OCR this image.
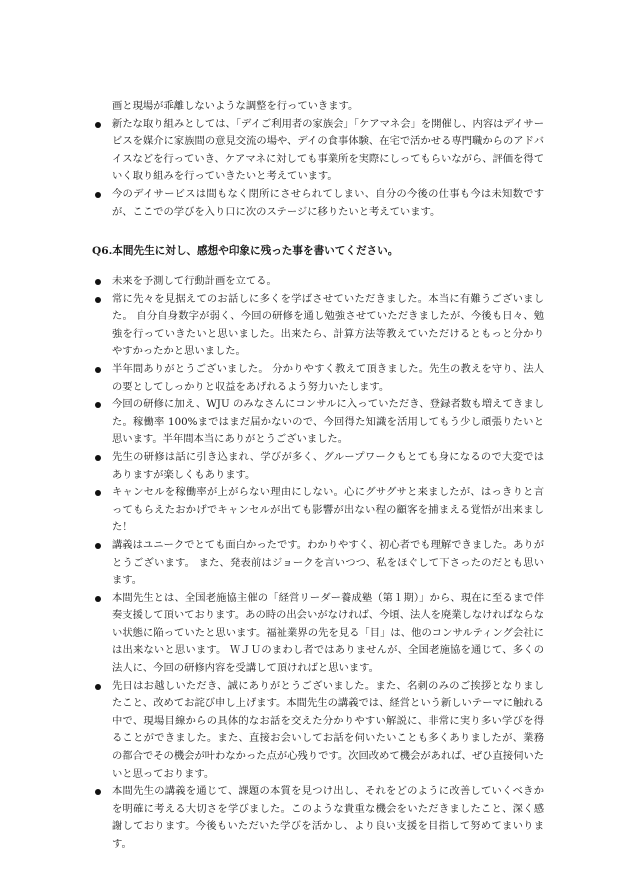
画と現場が乖離しないような調整を行っていきます。

新たな取り組みとしては、「デイご利用者の家族会」「ケアマネ会」を開催し、内容はデイサービスを媒介に家族間の意見交流の場や、デイの食事体験、在宅で活かせる専門職からのアドバイスなどを行っていき、ケアマネに対しても事業所を実際にしってもらいながら、評価を得ていく取り組みを行っていきたいと考えています。

今のデイサービスは間もなく閉所にさせられてしまい、自分の今後の仕事も今は未知数ですが、ここでの学びを入り口に次のステージに移りたいと考えています。

Q6.本間先生に対し、感想や印象に残った事を書いてください。

未来を予測して行動計画を立てる。

常に先々を見据えてのお話しに多くを学ばさせていただきました。本当に有難うございました。 自分自身数字が弱く、今回の研修を通し勉強させていただきましたが、今後も日々、勉強を行っていきたいと思いました。出来たら、計算方法等教えていただけるともっと分かりやすかったかと思いました。

半年間ありがとうございました。 分かりやすく教えて頂きました。先生の教えを守り、法人の要としてしっかりと収益をあげれるよう努力いたします。

今回の研修に加え、WJU のみなさんにコンサルに入っていただき、登録者数も増えてきました。稼働率 100%まではまだ届かないので、今回得た知識を活用してもう少し頑張りたいと思います。半年間本当にありがとうございました。

先生の研修は話に引き込まれ、学びが多く、グループワークもとても身になるので大変ではありますが楽しくもあります。

キャンセルを稼働率が上がらない理由にしない。心にグサグサと来ましたが、はっきりと言ってもらえたおかげでキャンセルが出ても影響が出ない程の顧客を捕まえる覚悟が出来ました！

講義はユニークでとても面白かったです。わかりやすく、初心者でも理解できました。ありがとうございます。 また、発表前はジョークを言いつつ、私をほぐして下さったのだとも思います。

本間先生とは、全国老施協主催の「経営リーダー養成塾（第１期）」から、現在に至るまで伴奏支援して頂いております。あの時の出会いがなければ、今頃、法人を廃業しなければならない状態に陥っていたと思います。福祉業界の先を見る「目」は、他のコンサルティング会社には出来ないと思います。 ＷＪＵのまわし者ではありませんが、全国老施協を通じて、多くの法人に、今回の研修内容を受講して頂ければと思います。

先日はお越しいただき、誠にありがとうございました。また、名刺のみのご挨拶となりましたこと、改めてお詫び申し上げます。本間先生の講義では、経営という新しいテーマに触れる中で、現場目線からの具体的なお話を交えた分かりやすい解説に、非常に実り多い学びを得ることができました。また、直接お会いしてお話を伺いたいことも多くありましたが、業務の都合でその機会が叶わなかった点が心残りです。次回改めて機会があれば、ぜひ直接伺いたいと思っております。

本間先生の講義を通じて、課題の本質を見つけ出し、それをどのように改善していくべきかを明確に考える大切さを学びました。このような貴重な機会をいただきましたこと、深く感謝しております。今後もいただいた学びを活かし、より良い支援を目指して努めてまいります。
